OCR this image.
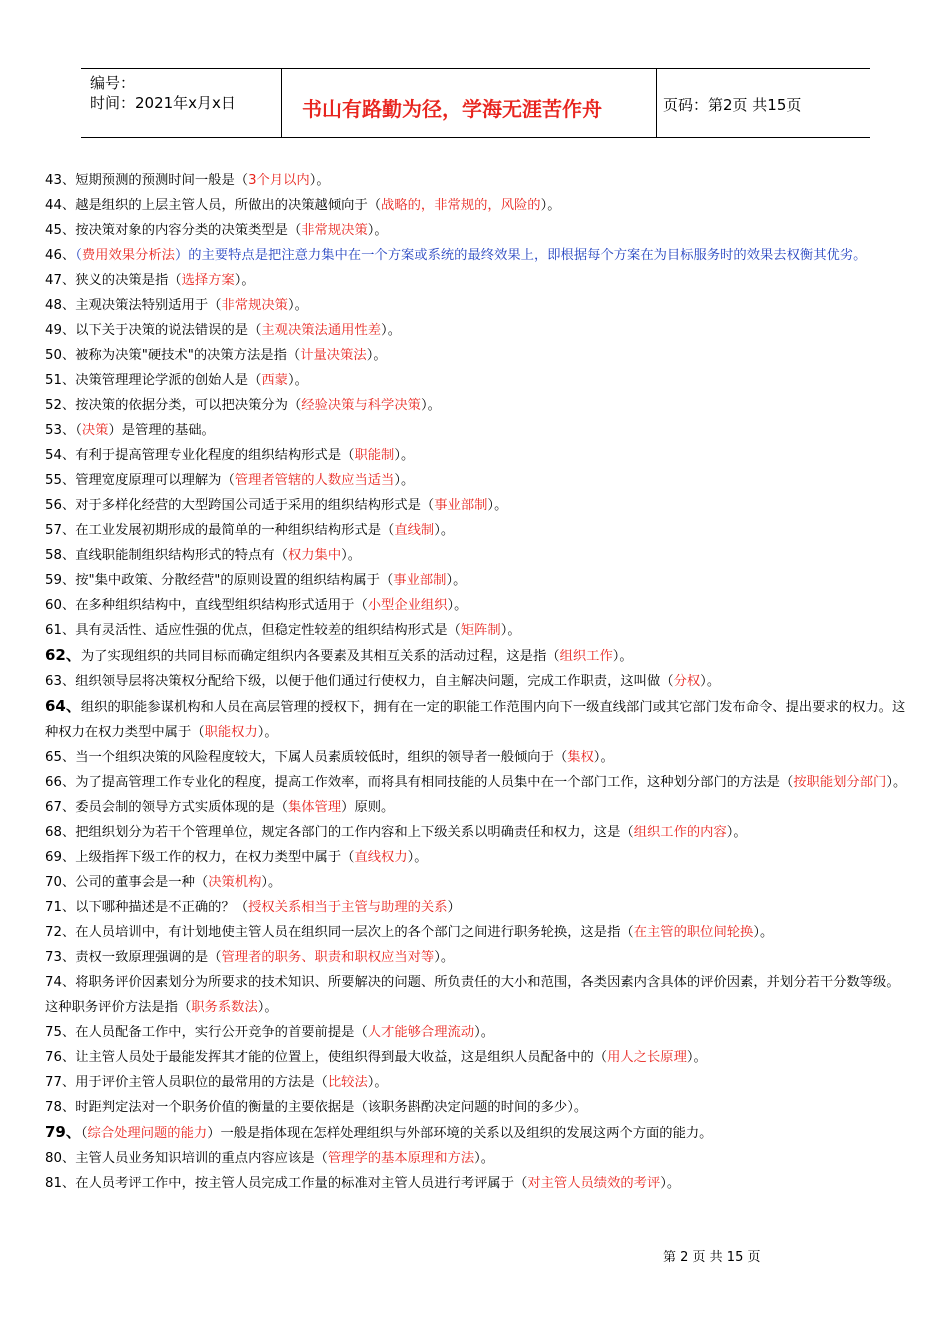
编号：
时间：2021年x月x日	书山有路勤为径，学海无涯苦作舟	页码：第2页 共15页

43、短期预测的预测时间一般是（3个月以内）。

44、越是组织的上层主管人员，所做出的决策越倾向于（战略的，非常规的，风险的）。

45、按决策对象的内容分类的决策类型是（非常规决策）。

46、（费用效果分析法）的主要特点是把注意力集中在一个方案或系统的最终效果上，即根据每个方案在为目标服务时的效果去权衡其优劣。

47、狭义的决策是指（选择方案）。

48、主观决策法特别适用于（非常规决策）。

49、以下关于决策的说法错误的是（主观决策法通用性差）。

50、被称为决策"硬技术"的决策方法是指（计量决策法）。

51、决策管理理论学派的创始人是（西蒙）。

52、按决策的依据分类，可以把决策分为（经验决策与科学决策）。

53、（决策）是管理的基础。

54、有利于提高管理专业化程度的组织结构形式是（职能制）。

55、管理宽度原理可以理解为（管理者管辖的人数应当适当）。

56、对于多样化经营的大型跨国公司适于采用的组织结构形式是（事业部制）。

57、在工业发展初期形成的最简单的一种组织结构形式是（直线制）。

58、直线职能制组织结构形式的特点有（权力集中）。

59、按"集中政策、分散经营"的原则设置的组织结构属于（事业部制）。

60、在多种组织结构中，直线型组织结构形式适用于（小型企业组织）。

61、具有灵活性、适应性强的优点，但稳定性较差的组织结构形式是（矩阵制）。

62、为了实现组织的共同目标而确定组织内各要素及其相互关系的活动过程，这是指（组织工作）。

63、组织领导层将决策权分配给下级，以便于他们通过行使权力，自主解决问题，完成工作职责，这叫做（分权）。

64、组织的职能参谋机构和人员在高层管理的授权下，拥有在一定的职能工作范围内向下一级直线部门或其它部门发布命令、提出要求的权力。这种权力在权力类型中属于（职能权力）。

65、当一个组织决策的风险程度较大，下属人员素质较低时，组织的领导者一般倾向于（集权）。

66、为了提高管理工作专业化的程度，提高工作效率，而将具有相同技能的人员集中在一个部门工作，这种划分部门的方法是（按职能划分部门）。

67、委员会制的领导方式实质体现的是（集体管理）原则。

68、把组织划分为若干个管理单位，规定各部门的工作内容和上下级关系以明确责任和权力，这是（组织工作的内容）。

69、上级指挥下级工作的权力，在权力类型中属于（直线权力）。

70、公司的董事会是一种（决策机构）。

71、以下哪种描述是不正确的？（授权关系相当于主管与助理的关系）

72、在人员培训中，有计划地使主管人员在组织同一层次上的各个部门之间进行职务轮换，这是指（在主管的职位间轮换）。

73、责权一致原理强调的是（管理者的职务、职责和职权应当对等）。

74、将职务评价因素划分为所要求的技术知识、所要解决的问题、所负责任的大小和范围，各类因素内含具体的评价因素，并划分若干分数等级。这种职务评价方法是指（职务系数法）。

75、在人员配备工作中，实行公开竞争的首要前提是（人才能够合理流动）。

76、让主管人员处于最能发挥其才能的位置上，使组织得到最大收益，这是组织人员配备中的（用人之长原理）。

77、用于评价主管人员职位的最常用的方法是（比较法）。

78、时距判定法对一个职务价值的衡量的主要依据是（该职务斟酌决定问题的时间的多少）。

79、（综合处理问题的能力）一般是指体现在怎样处理组织与外部环境的关系以及组织的发展这两个方面的能力。

80、主管人员业务知识培训的重点内容应该是（管理学的基本原理和方法）。

81、在人员考评工作中，按主管人员完成工作量的标准对主管人员进行考评属于（对主管人员绩效的考评）。

第 2 页 共 15 页
